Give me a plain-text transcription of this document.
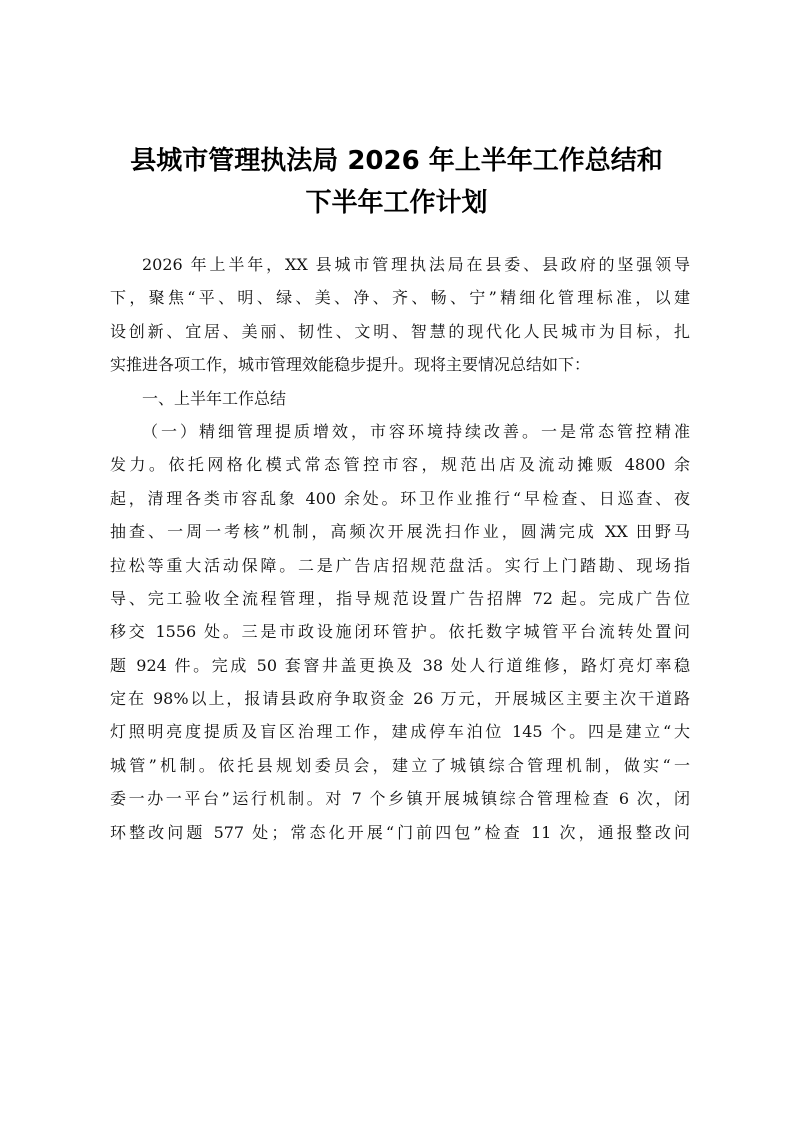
县城市管理执法局 2026 年上半年工作总结和
下半年工作计划
2026 年上半年，XX 县城市管理执法局在县委、县政府的坚强领导
下，聚焦“平、明、绿、美、净、齐、畅、宁”精细化管理标准，以建
设创新、宜居、美丽、韧性、文明、智慧的现代化人民城市为目标，扎
实推进各项工作，城市管理效能稳步提升。现将主要情况总结如下：
一、上半年工作总结
（一）精细管理提质增效，市容环境持续改善。一是常态管控精准
发力。依托网格化模式常态管控市容，规范出店及流动摊贩 4800 余
起，清理各类市容乱象 400 余处。环卫作业推行“早检查、日巡查、夜
抽查、一周一考核”机制，高频次开展洗扫作业，圆满完成 XX 田野马
拉松等重大活动保障。二是广告店招规范盘活。实行上门踏勘、现场指
导、完工验收全流程管理，指导规范设置广告招牌 72 起。完成广告位
移交 1556 处。三是市政设施闭环管护。依托数字城管平台流转处置问
题 924 件。完成 50 套窨井盖更换及 38 处人行道维修，路灯亮灯率稳
定在 98%以上，报请县政府争取资金 26 万元，开展城区主要主次干道路
灯照明亮度提质及盲区治理工作，建成停车泊位 145 个。四是建立“大
城管”机制。依托县规划委员会，建立了城镇综合管理机制，做实“一
委一办一平台”运行机制。对 7 个乡镇开展城镇综合管理检查 6 次，闭
环整改问题 577 处；常态化开展“门前四包”检查 11 次，通报整改问
